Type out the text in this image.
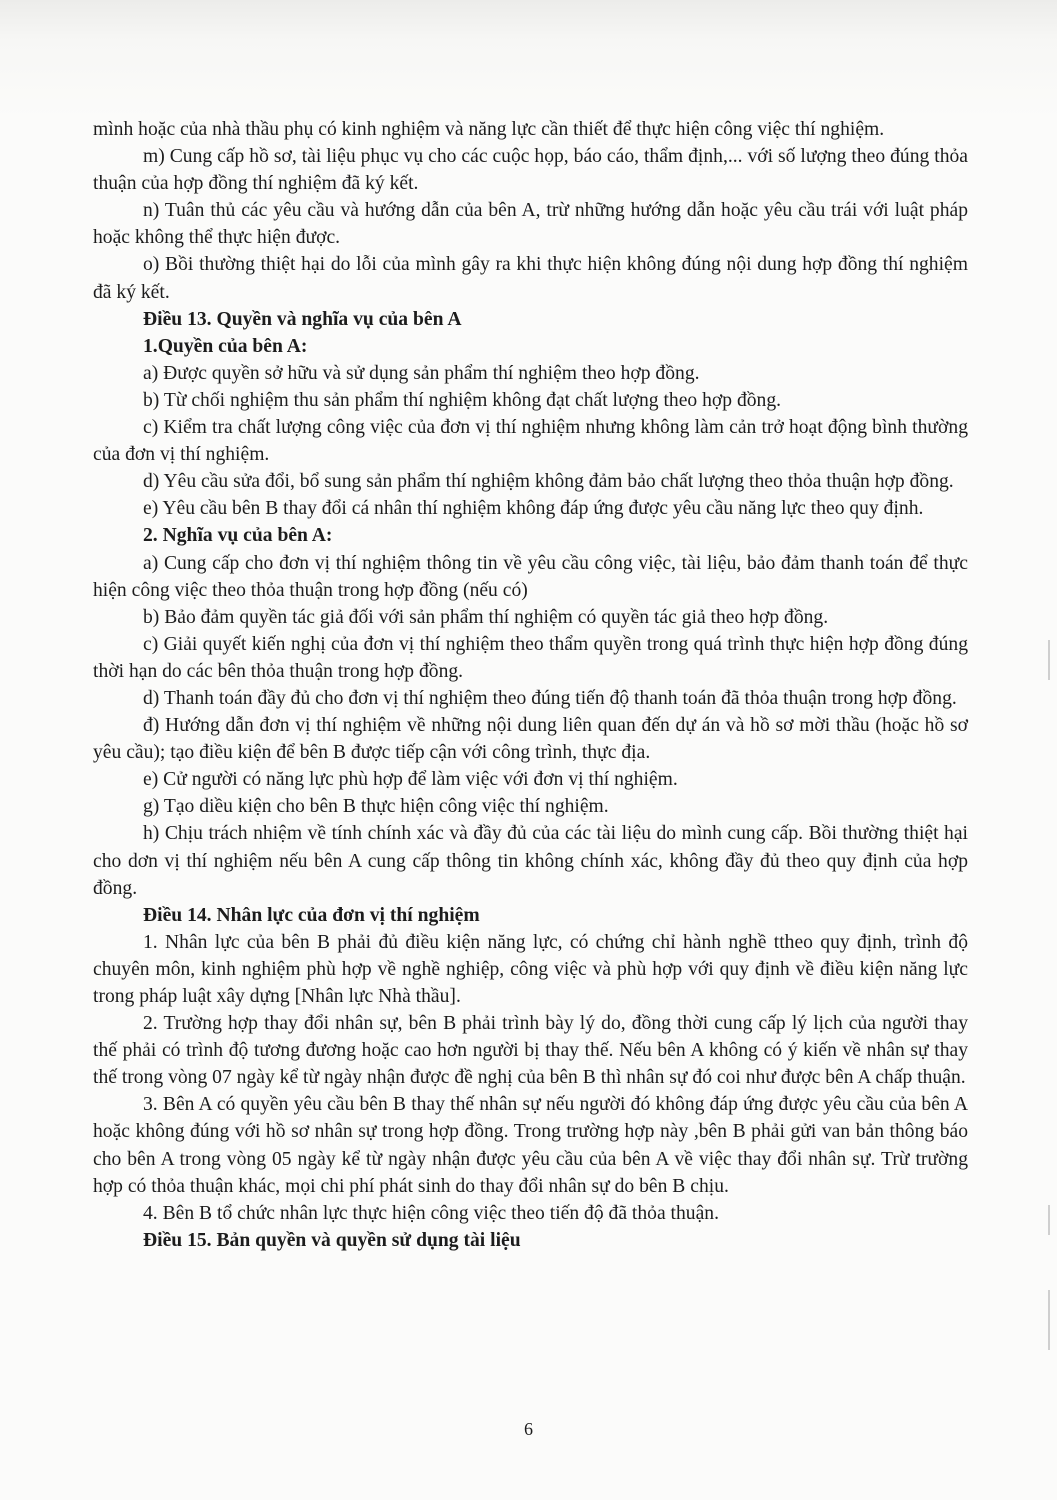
mình hoặc của nhà thầu phụ có kinh nghiệm và năng lực cần thiết để thực hiện công việc thí nghiệm.

m) Cung cấp hồ sơ, tài liệu phục vụ cho các cuộc họp, báo cáo, thẩm định,... với số lượng theo đúng thỏa thuận của hợp đồng thí nghiệm đã ký kết.

n) Tuân thủ các yêu cầu và hướng dẫn của bên A, trừ những hướng dẫn hoặc yêu cầu trái với luật pháp hoặc không thể thực hiện được.

o) Bồi thường thiệt hại do lỗi của mình gây ra khi thực hiện không đúng nội dung hợp đồng thí nghiệm đã ký kết.

Điều 13. Quyền và nghĩa vụ của bên A

1.Quyền của bên A:

a) Được quyền sở hữu và sử dụng sản phẩm thí nghiệm theo hợp đồng.

b) Từ chối nghiệm thu sản phẩm thí nghiệm không đạt chất lượng theo hợp đồng.

c) Kiểm tra chất lượng công việc của đơn vị thí nghiệm nhưng không làm cản trở hoạt động bình thường của đơn vị thí nghiệm.

d) Yêu cầu sửa đổi, bổ sung sản phẩm thí nghiệm không đảm bảo chất lượng theo thỏa thuận hợp đồng.

e) Yêu cầu bên B thay đổi cá nhân thí nghiệm không đáp ứng được yêu cầu năng lực theo quy định.

2. Nghĩa vụ của bên A:

a) Cung cấp cho đơn vị thí nghiệm thông tin về yêu cầu công việc, tài liệu, bảo đảm thanh toán để thực hiện công việc theo thỏa thuận trong hợp đồng (nếu có)

b) Bảo đảm quyền tác giả đối với sản phẩm thí nghiệm có quyền tác giả theo hợp đồng.

c) Giải quyết kiến nghị của đơn vị thí nghiệm theo thẩm quyền trong quá trình thực hiện hợp đồng đúng thời hạn do các bên thỏa thuận trong hợp đồng.

d) Thanh toán đầy đủ cho đơn vị thí nghiệm theo đúng tiến độ thanh toán đã thỏa thuận trong hợp đồng.

đ) Hướng dẫn đơn vị thí nghiệm về những nội dung liên quan đến dự án và hồ sơ mời thầu (hoặc hồ sơ yêu cầu); tạo điều kiện để bên B được tiếp cận với công trình, thực địa.

e) Cử người có năng lực phù hợp để làm việc với đơn vị thí nghiệm.

g) Tạo diều kiện cho bên B thực hiện công việc thí nghiệm.

h) Chịu trách nhiệm về tính chính xác và đầy đủ của các tài liệu do mình cung cấp. Bồi thường thiệt hại cho dơn vị thí nghiệm nếu bên A cung cấp thông tin không chính xác, không đầy đủ theo quy định của hợp đồng.

Điều 14. Nhân lực của đơn vị thí nghiệm

1. Nhân lực của bên B phải đủ điều kiện năng lực, có chứng chỉ hành nghề ttheo quy định, trình độ chuyên môn, kinh nghiệm phù hợp về nghề nghiệp, công việc và phù hợp với quy định về điều kiện năng lực trong pháp luật xây dựng [Nhân lực Nhà thầu].

2. Trường hợp thay đổi nhân sự, bên B phải trình bày lý do, đồng thời cung cấp lý lịch của người thay thế phải có trình độ tương đương hoặc cao hơn người bị thay thế. Nếu bên A không có ý kiến về nhân sự thay thế trong vòng 07 ngày kể từ ngày nhận được đề nghị của bên B thì nhân sự đó coi như được bên A chấp thuận.

3. Bên A có quyền yêu cầu bên B thay thế nhân sự nếu người đó không đáp ứng được yêu cầu của bên A hoặc không đúng với hồ sơ nhân sự trong hợp đồng. Trong trường hợp này ,bên B phải gửi van bản thông báo cho bên A trong vòng 05 ngày kể từ ngày nhận được yêu cầu của bên A về việc thay đổi nhân sự. Trừ trường hợp có thỏa thuận khác, mọi chi phí phát sinh do thay đổi nhân sự do bên B chịu.

4. Bên B tổ chức nhân lực thực hiện công việc theo tiến độ đã thỏa thuận.

Điều 15. Bản quyền và quyền sử dụng tài liệu

6
